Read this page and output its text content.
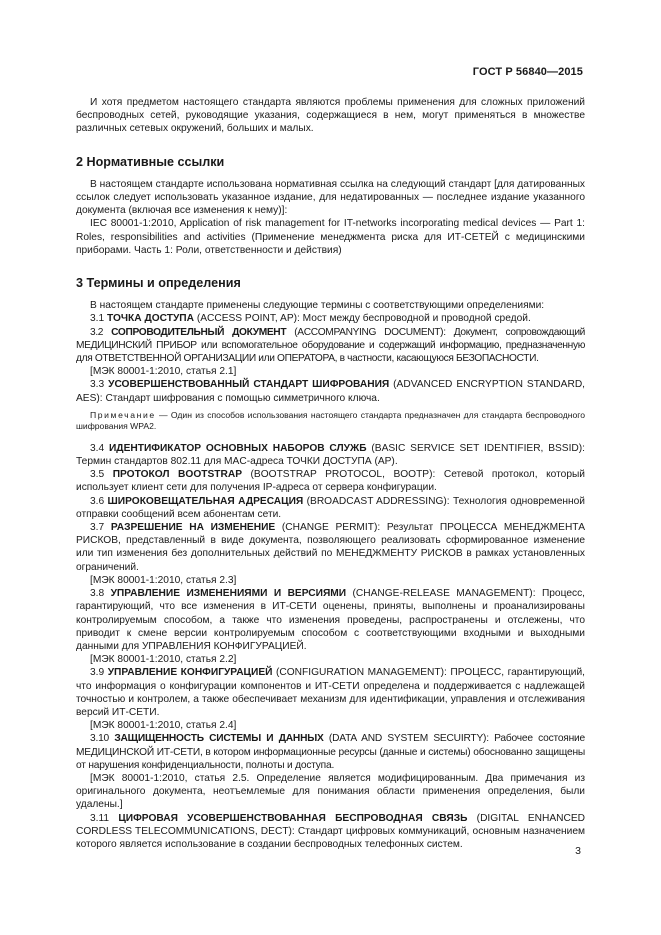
ГОСТ Р 56840—2015

И хотя предметом настоящего стандарта являются проблемы применения для сложных приложений беспроводных сетей, руководящие указания, содержащиеся в нем, могут применяться в множестве различных сетевых окружений, больших и малых.

2 Нормативные ссылки

В настоящем стандарте использована нормативная ссылка на следующий стандарт [для датированных ссылок следует использовать указанное издание, для недатированных — последнее издание указанного документа (включая все изменения к нему)]:

IEC 80001-1:2010, Application of risk management for IT-networks incorporating medical devices — Part 1: Roles, responsibilities and activities (Применение менеджмента риска для ИТ-СЕТЕЙ с медицинскими приборами. Часть 1: Роли, ответственности и действия)

3 Термины и определения

В настоящем стандарте применены следующие термины с соответствующими определениями:

3.1 ТОЧКА ДОСТУПА (ACCESS POINT, AP): Мост между беспроводной и проводной средой.

3.2 СОПРОВОДИТЕЛЬНЫЙ ДОКУМЕНТ (ACCOMPANYING DOCUMENT): Документ, сопровождающий МЕДИЦИНСКИЙ ПРИБОР или вспомогательное оборудование и содержащий информацию, предназначенную для ОТВЕТСТВЕННОЙ ОРГАНИЗАЦИИ или ОПЕРАТОРА, в частности, касающуюся БЕЗОПАСНОСТИ.

[МЭК 80001-1:2010, статья 2.1]

3.3 УСОВЕРШЕНСТВОВАННЫЙ СТАНДАРТ ШИФРОВАНИЯ (ADVANCED ENCRYPTION STANDARD, AES): Стандарт шифрования с помощью симметричного ключа.

Примечание — Один из способов использования настоящего стандарта предназначен для стандарта беспроводного шифрования WPA2.

3.4 ИДЕНТИФИКАТОР ОСНОВНЫХ НАБОРОВ СЛУЖБ (BASIC SERVICE SET IDENTIFIER, BSSID): Термин стандартов 802.11 для MAC-адреса ТОЧКИ ДОСТУПА (AP).

3.5 ПРОТОКОЛ BOOTSTRAP (BOOTSTRAP PROTOCOL, BOOTP): Сетевой протокол, который использует клиент сети для получения IP-адреса от сервера конфигурации.

3.6 ШИРОКОВЕЩАТЕЛЬНАЯ АДРЕСАЦИЯ (BROADCAST ADDRESSING): Технология одновременной отправки сообщений всем абонентам сети.

3.7 РАЗРЕШЕНИЕ НА ИЗМЕНЕНИЕ (CHANGE PERMIT): Результат ПРОЦЕССА МЕНЕДЖМЕНТА РИСКОВ, представленный в виде документа, позволяющего реализовать сформированное изменение или тип изменения без дополнительных действий по МЕНЕДЖМЕНТУ РИСКОВ в рамках установленных ограничений.

[МЭК 80001-1:2010, статья 2.3]

3.8 УПРАВЛЕНИЕ ИЗМЕНЕНИЯМИ И ВЕРСИЯМИ (CHANGE-RELEASE MANAGEMENT): Процесс, гарантирующий, что все изменения в ИТ-СЕТИ оценены, приняты, выполнены и проанализированы контролируемым способом, а также что изменения проведены, распространены и отслежены, что приводит к смене версии контролируемым способом с соответствующими входными и выходными данными для УПРАВЛЕНИЯ КОНФИГУРАЦИЕЙ.

[МЭК 80001-1:2010, статья 2.2]

3.9 УПРАВЛЕНИЕ КОНФИГУРАЦИЕЙ (CONFIGURATION MANAGEMENT): ПРОЦЕСС, гарантирующий, что информация о конфигурации компонентов и ИТ-СЕТИ определена и поддерживается с надлежащей точностью и контролем, а также обеспечивает механизм для идентификации, управления и отслеживания версий ИТ-СЕТИ.

[МЭК 80001-1:2010, статья 2.4]

3.10 ЗАЩИЩЕННОСТЬ СИСТЕМЫ И ДАННЫХ (DATA AND SYSTEM SECUIRTY): Рабочее состояние МЕДИЦИНСКОЙ ИТ-СЕТИ, в котором информационные ресурсы (данные и системы) обоснованно защищены от нарушения конфиденциальности, полноты и доступа.

[МЭК 80001-1:2010, статья 2.5. Определение является модифицированным. Два примечания из оригинального документа, неотъемлемые для понимания области применения определения, были удалены.]

3.11 ЦИФРОВАЯ УСОВЕРШЕНСТВОВАННАЯ БЕСПРОВОДНАЯ СВЯЗЬ (DIGITAL ENHANCED CORDLESS TELECOMMUNICATIONS, DECT): Стандарт цифровых коммуникаций, основным назначением которого является использование в создании беспроводных телефонных систем.

3
